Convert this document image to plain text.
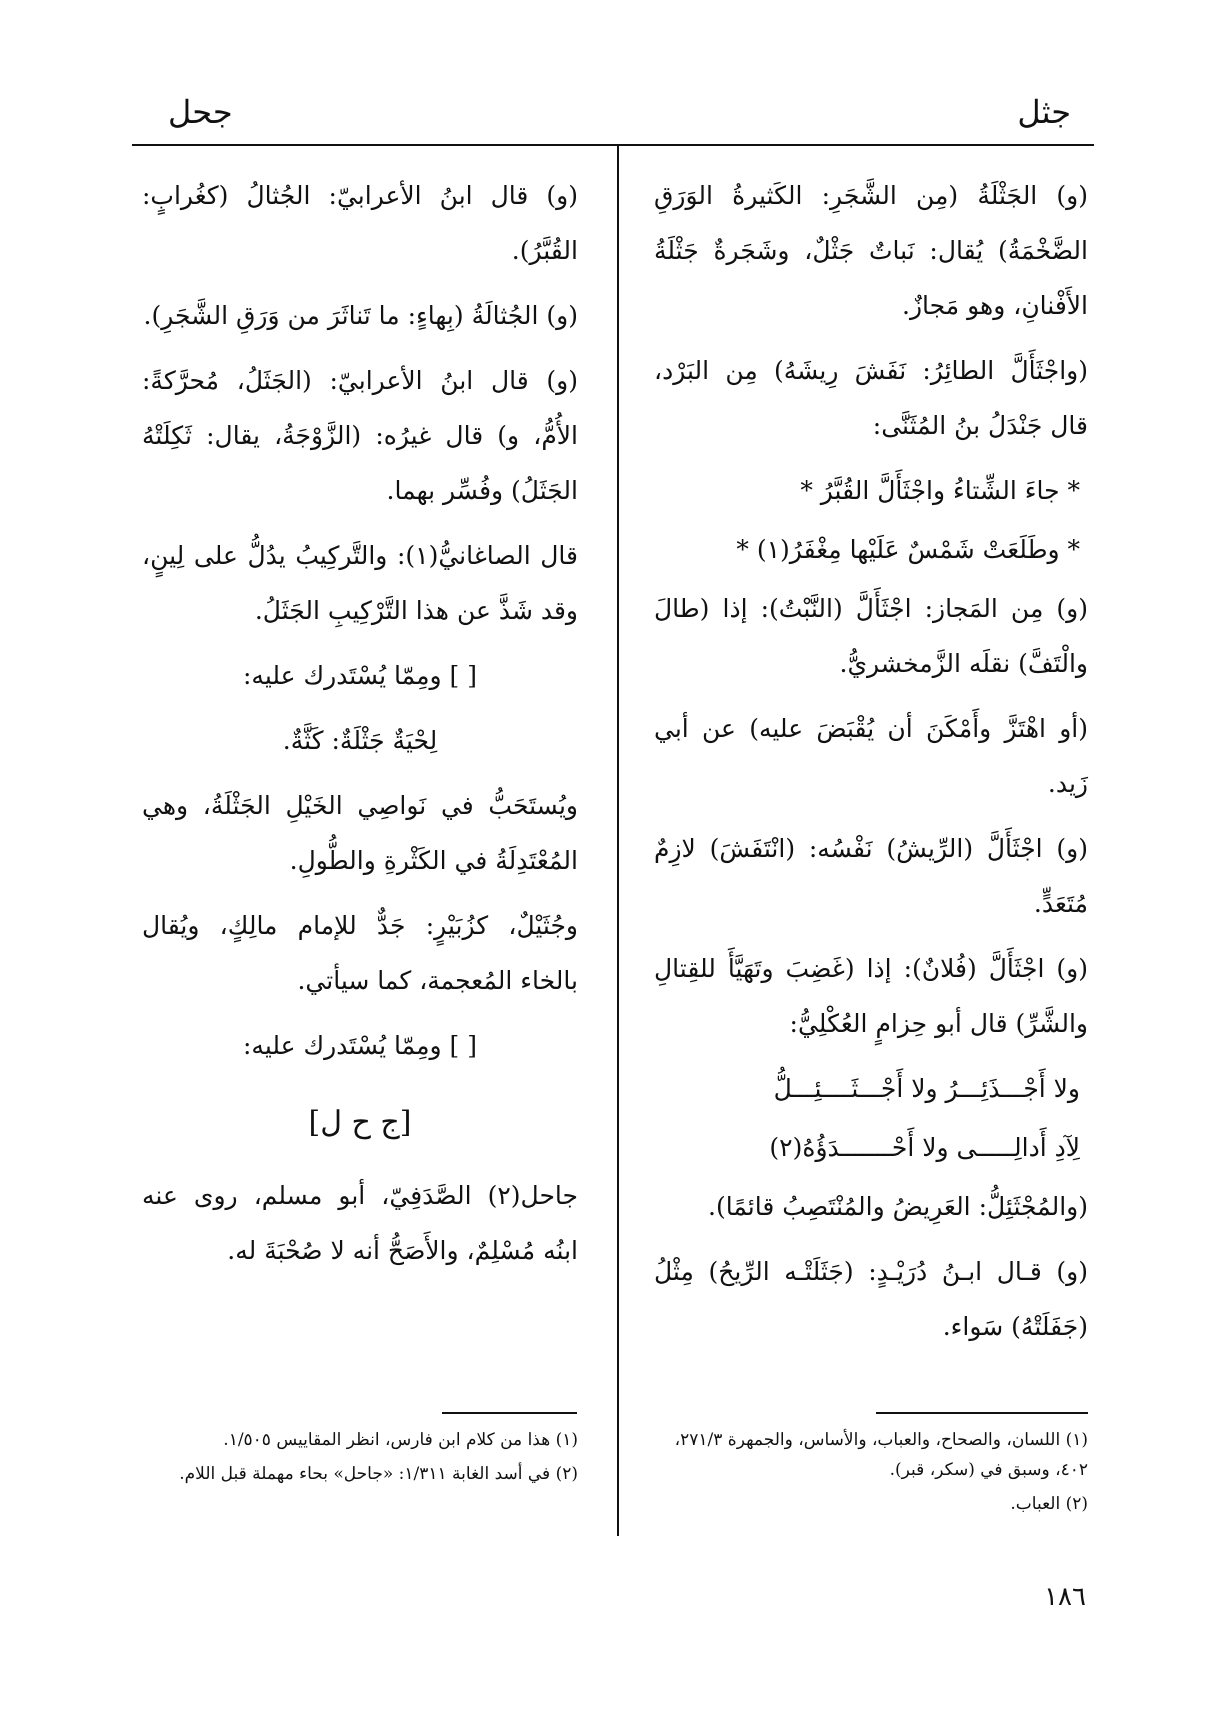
جثل
جحل

(و) الجَثْلَةُ (مِن الشَّجَرِ: الكَثيرةُ الوَرَقِ الضَّخْمَةُ) يُقال: نَباتٌ جَثْلٌ، وشَجَرةٌ جَثْلَةُ الأَفْنانِ، وهو مَجازٌ.

(واجْثَأَلَّ الطائِرُ: نَفَشَ رِيشَهُ) مِن البَرْد، قال جَنْدَلُ بنُ المُثَنَّى:

* جاءَ الشِّتاءُ واجْثَأَلَّ القُبَّرُ *

* وطَلَعَتْ شَمْسٌ عَلَيْها مِغْفَرُ(١) *

(و) مِن المَجاز: اجْثَأَلَّ (النَّبْتُ): إذا (طالَ والْتَفَّ) نقلَه الزَّمخشريُّ.

(أو اهْتَزَّ وأَمْكَنَ أن يُقْبَضَ عليه) عن أبي زَيد.

(و) اجْثَأَلَّ (الرِّيشُ) نَفْسُه: (انْتَفَشَ) لازِمٌ مُتَعَدٍّ.

(و) اجْثَأَلَّ (فُلانٌ): إذا (غَضِبَ وتَهَيَّأَ للقِتالِ والشَّرِّ) قال أبو حِزامٍ العُكْلِيُّ:

ولا أَجْـــذَئِـــرُ ولا أَجْـــثَــــئِـــلُّ

لِآدِ أَدالِـــــى ولا أَحْـــــــدَؤُهُ(٢)

(والمُجْثَئِلُّ: العَرِيضُ والمُنْتَصِبُ قائمًا).

(و) قـال ابـنُ دُرَيْـدٍ: (جَثَلَتْـه الرِّيحُ) مِثْلُ (جَفَلَتْهُ) سَواء.

(و) قال ابنُ الأعرابيّ: الجُثالُ (كغُرابٍ: القُبَّرُ).

(و) الجُثالَةُ (بِهاءٍ: ما تَناثَرَ من وَرَقِ الشَّجَرِ).

(و) قال ابنُ الأعرابيّ: (الجَثَلُ، مُحرَّكةً: الأُمُّ، و) قال غيرُه: (الزَّوْجَةُ، يقال: ثَكِلَتْهُ الجَثَلُ) وفُسِّر بهما.

قال الصاغانيُّ(١): والتَّركِيبُ يدُلُّ على لِينٍ، وقد شَذَّ عن هذا التَّرْكِيبِ الجَثَلُ.

[ ] ومِمّا يُسْتَدرك عليه:

لِحْيَةٌ جَثْلَةٌ: كَثَّةٌ.

ويُستَحَبُّ في نَواصِي الخَيْلِ الجَثْلَةُ، وهي المُعْتَدِلَةُ في الكَثْرةِ والطُّولِ.

وجُثَيْلٌ، كزُبَيْرٍ: جَدٌّ للإمام مالِكٍ، ويُقال بالخاء المُعجمة، كما سيأتي.

[ ] ومِمّا يُسْتَدرك عليه:

[ج ح ل]

جاحل(٢) الصَّدَفِيّ، أبو مسلم، روى عنه ابنُه مُسْلِمٌ، والأَصَحُّ أنه لا صُحْبَةَ له.

(١) اللسان، والصحاح، والعباب، والأساس، والجمهرة ٢٧١/٣، ٤٠٢، وسبق في (سكر، قبر).

(٢) العباب.

(١) هذا من كلام ابن فارس، انظر المقاييس ١/٥٠٥.

(٢) في أسد الغابة ١/٣١١: «جاحل» بحاء مهملة قبل اللام.

١٨٦
